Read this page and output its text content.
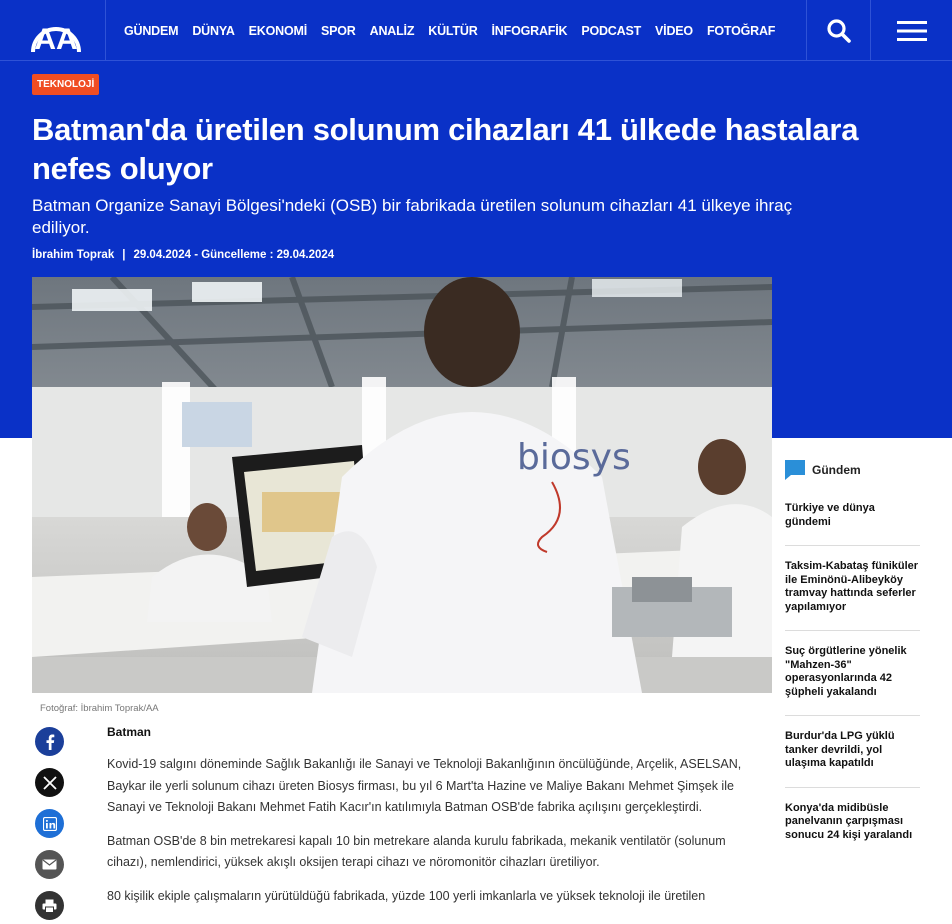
AA	GÜNDEM DÜNYA EKONOMİ SPOR ANALİZ KÜLTÜR İNFOGRAFİK PODCAST VİDEO FOTOĞRAF
TEKNOLOJİ
Batman'da üretilen solunum cihazları 41 ülkede hastalara nefes oluyor

Batman Organize Sanayi Bölgesi'ndeki (OSB) bir fabrikada üretilen solunum cihazları 41 ülkeye ihraç ediliyor.

İbrahim Toprak | 29.04.2024 - Güncelleme : 29.04.2024
biosys
Fotoğraf: İbrahim Toprak/AA
Batman

Kovid-19 salgını döneminde Sağlık Bakanlığı ile Sanayi ve Teknoloji Bakanlığının öncülüğünde, Arçelik, ASELSAN, Baykar ile yerli solunum cihazı üreten Biosys firması, bu yıl 6 Mart'ta Hazine ve Maliye Bakanı Mehmet Şimşek ile Sanayi ve Teknoloji Bakanı Mehmet Fatih Kacır'ın katılımıyla Batman OSB'de fabrika açılışını gerçekleştirdi.

Batman OSB'de 8 bin metrekaresi kapalı 10 bin metrekare alanda kurulu fabrikada, mekanik ventilatör (solunum cihazı), nemlendirici, yüksek akışlı oksijen terapi cihazı ve nöromonitör cihazları üretiliyor.

80 kişilik ekiple çalışmaların yürütüldüğü fabrikada, yüzde 100 yerli imkanlarla ve yüksek teknoloji ile üretilen

Gündem
Türkiye ve dünya gündemi
Taksim-Kabataş füniküler ile Eminönü-Alibeyköy tramvay hattında seferler yapılamıyor
Suç örgütlerine yönelik "Mahzen-36" operasyonlarında 42 şüpheli yakalandı
Burdur'da LPG yüklü tanker devrildi, yol ulaşıma kapatıldı
Konya'da midibüsle panelvanın çarpışması sonucu 24 kişi yaralandı
